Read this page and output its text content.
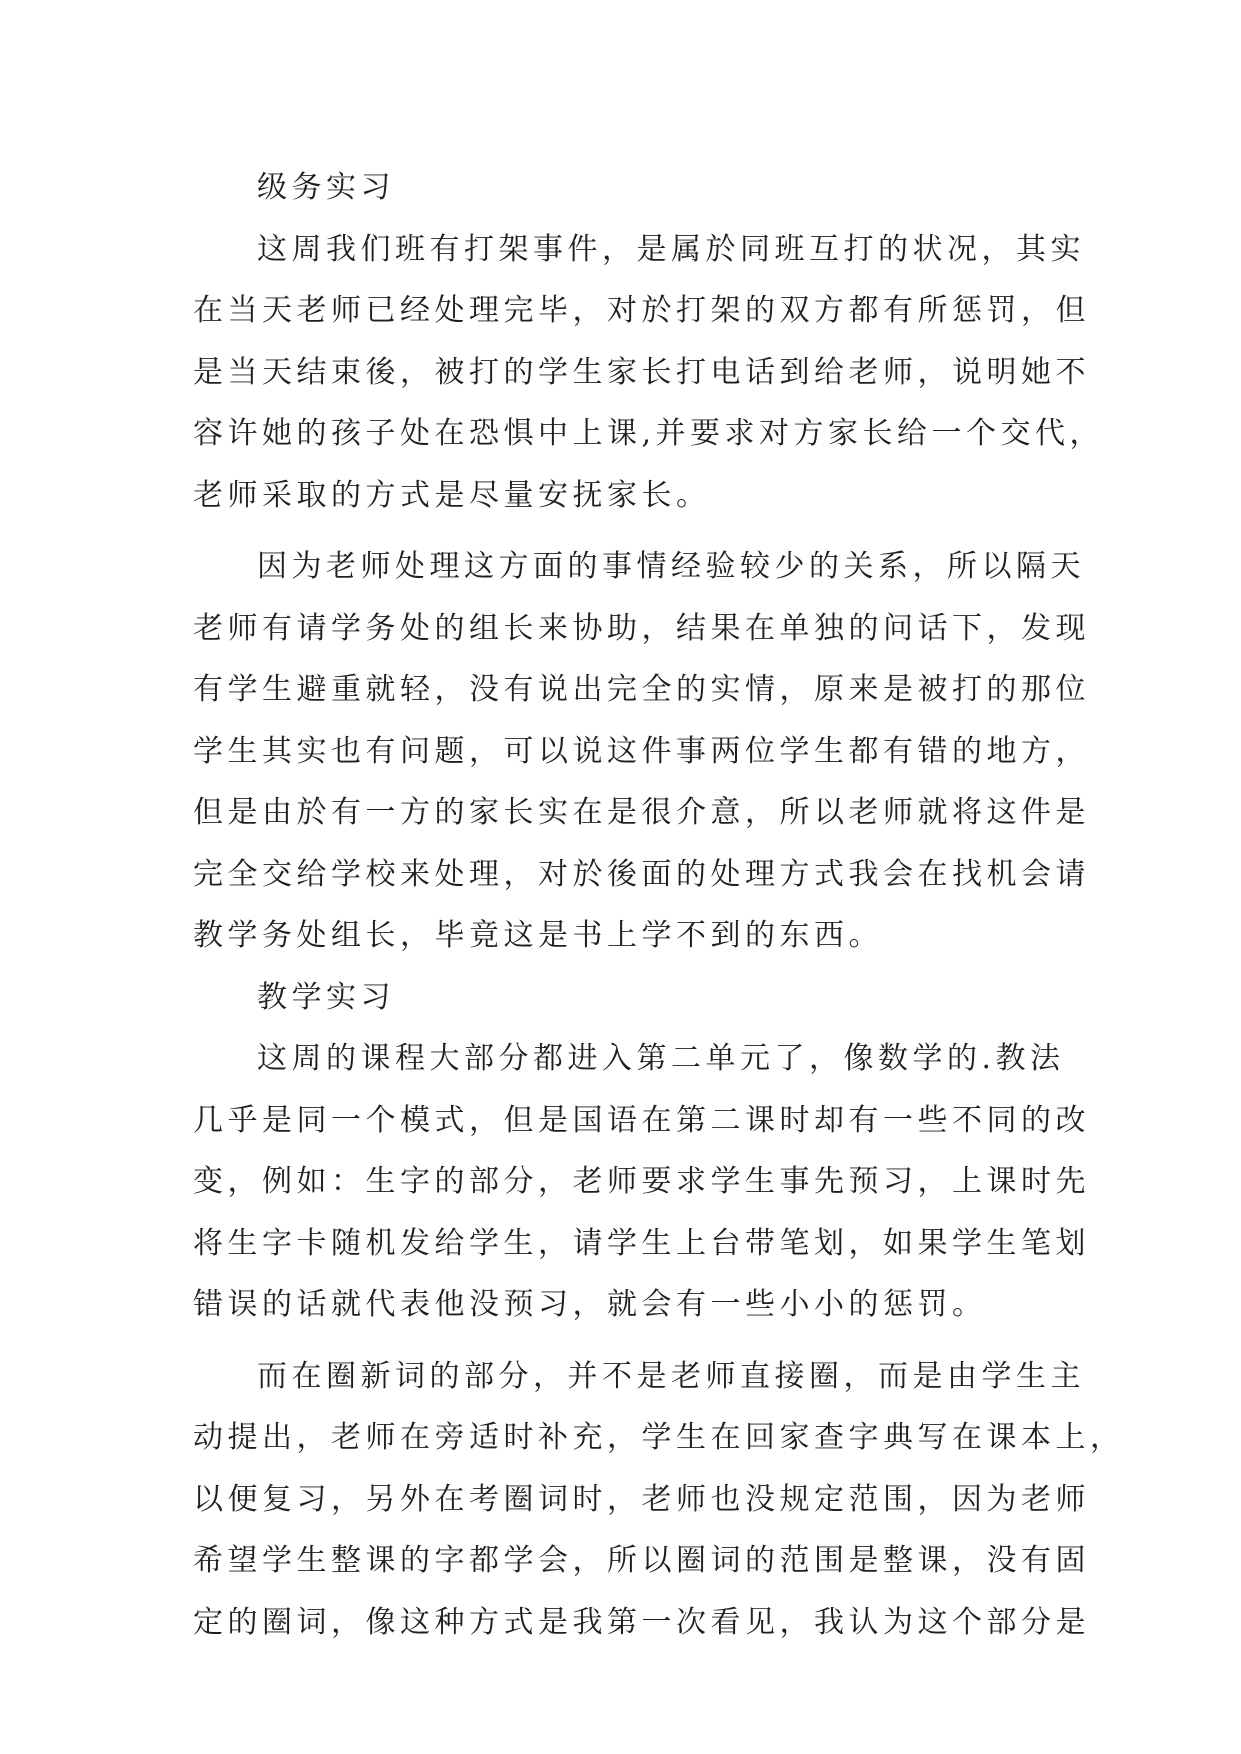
级务实习
这周我们班有打架事件，是属於同班互打的状况，其实
在当天老师已经处理完毕，对於打架的双方都有所惩罚，但
是当天结束後，被打的学生家长打电话到给老师，说明她不
容许她的孩子处在恐惧中上课,并要求对方家长给一个交代，
老师采取的方式是尽量安抚家长。
因为老师处理这方面的事情经验较少的关系，所以隔天
老师有请学务处的组长来协助，结果在单独的问话下，发现
有学生避重就轻，没有说出完全的实情，原来是被打的那位
学生其实也有问题，可以说这件事两位学生都有错的地方，
但是由於有一方的家长实在是很介意，所以老师就将这件是
完全交给学校来处理，对於後面的处理方式我会在找机会请
教学务处组长，毕竟这是书上学不到的东西。
教学实习
这周的课程大部分都进入第二单元了，像数学的.教法
几乎是同一个模式，但是国语在第二课时却有一些不同的改
变，例如：生字的部分，老师要求学生事先预习，上课时先
将生字卡随机发给学生，请学生上台带笔划，如果学生笔划
错误的话就代表他没预习，就会有一些小小的惩罚。
而在圈新词的部分，并不是老师直接圈，而是由学生主
动提出，老师在旁适时补充，学生在回家查字典写在课本上，
以便复习，另外在考圈词时，老师也没规定范围，因为老师
希望学生整课的字都学会，所以圈词的范围是整课，没有固
定的圈词，像这种方式是我第一次看见，我认为这个部分是
